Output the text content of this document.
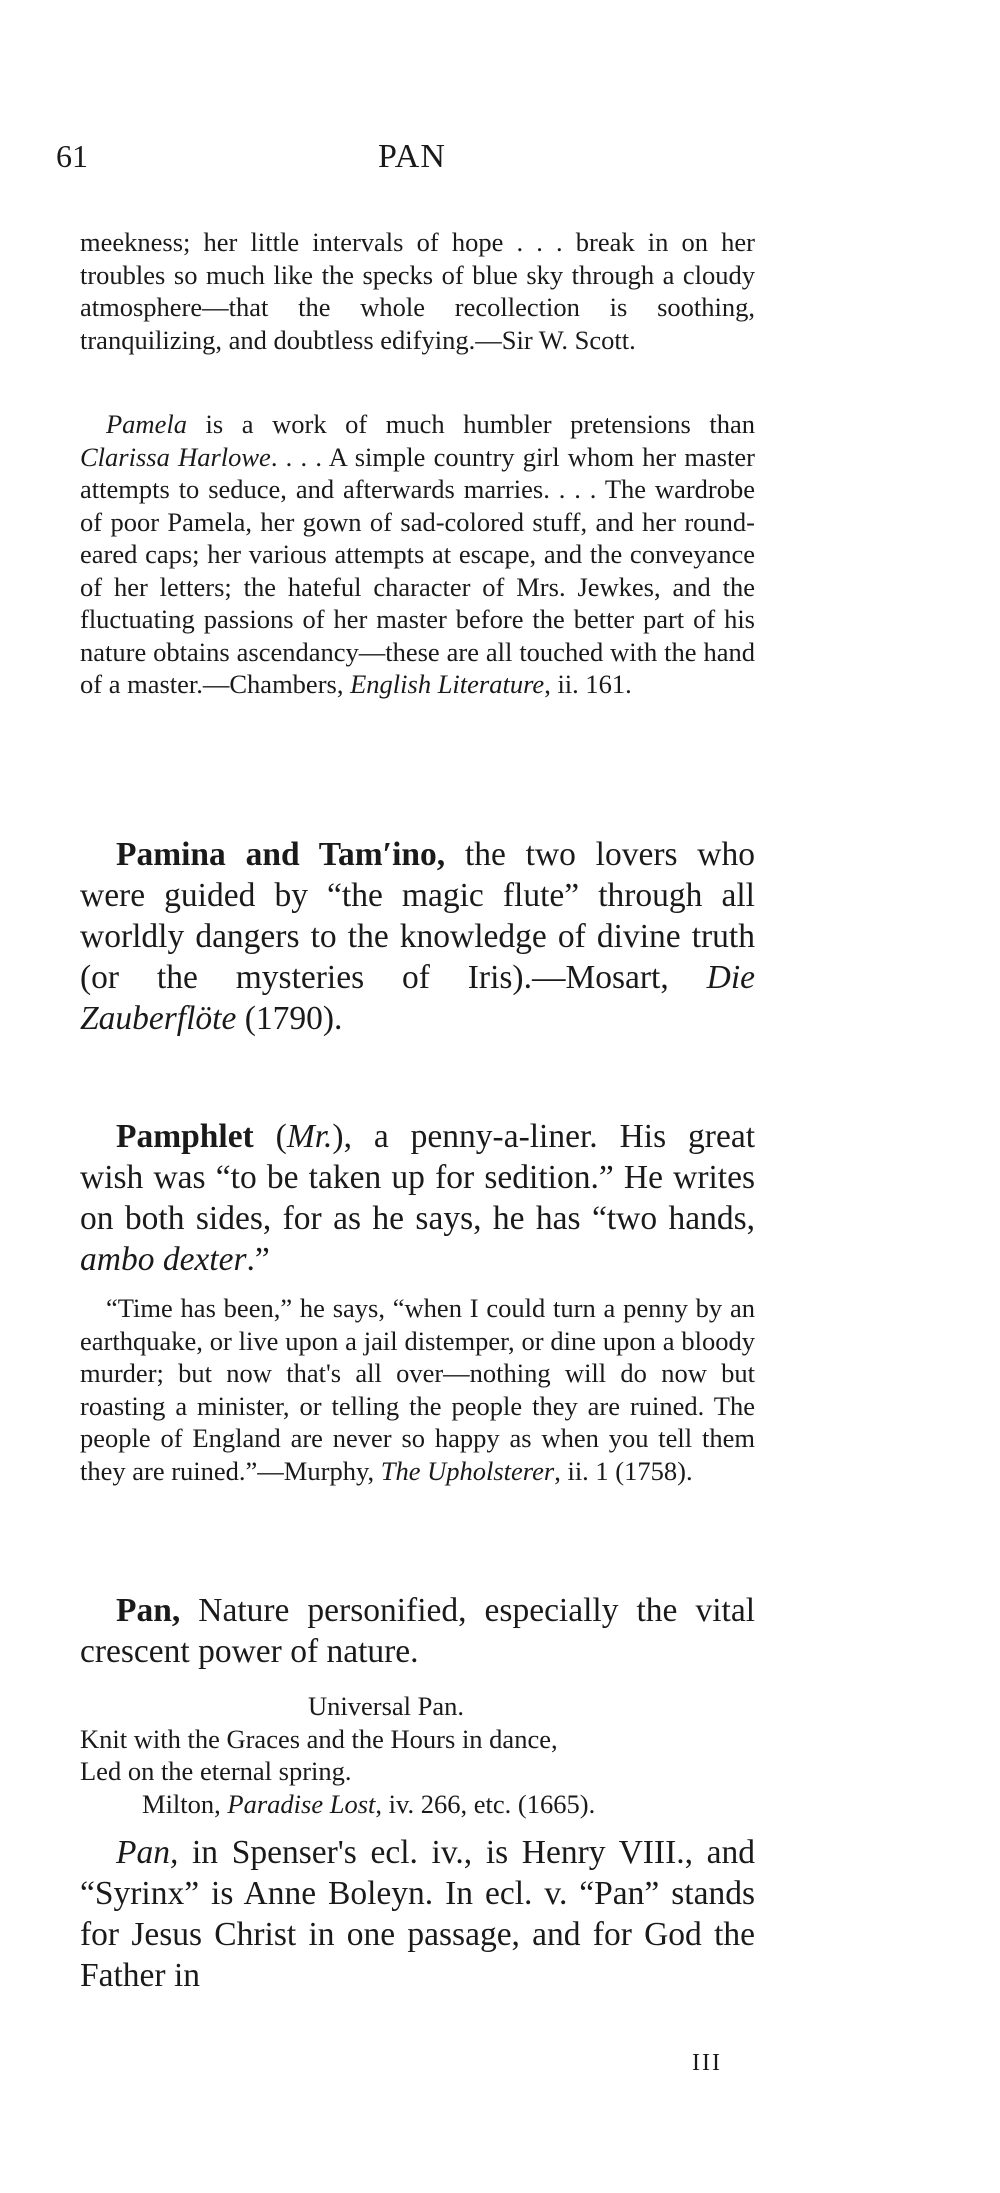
61	PAN

meekness; her little intervals of hope . . . break in on her troubles so much like the specks of blue sky through a cloudy atmosphere—that the whole recollection is soothing, tranquilizing, and doubtless edifying.—Sir W. Scott.

Pamela is a work of much humbler pretensions than Clarissa Harlowe. . . . A simple country girl whom her master attempts to seduce, and afterwards marries. . . . The wardrobe of poor Pamela, her gown of sad-colored stuff, and her round-eared caps; her various attempts at escape, and the conveyance of her letters; the hateful character of Mrs. Jewkes, and the fluctuating passions of her master before the better part of his nature obtains ascendancy—these are all touched with the hand of a master.—Chambers, English Literature, ii. 161.

Pamina and Tam′ino, the two lovers who were guided by “the magic flute” through all worldly dangers to the knowledge of divine truth (or the mysteries of Iris).—Mosart, Die Zauberflöte (1790).

Pamphlet (Mr.), a penny-a-liner. His great wish was “to be taken up for sedition.” He writes on both sides, for as he says, he has “two hands, ambo dexter.”

“Time has been,” he says, “when I could turn a penny by an earthquake, or live upon a jail distemper, or dine upon a bloody murder; but now that's all over—nothing will do now but roasting a minister, or telling the people they are ruined. The people of England are never so happy as when you tell them they are ruined.”—Murphy, The Upholsterer, ii. 1 (1758).

Pan, Nature personified, especially the vital crescent power of nature.

Universal Pan.
Knit with the Graces and the Hours in dance,
Led on the eternal spring.
Milton, Paradise Lost, iv. 266, etc. (1665).

Pan, in Spenser's ecl. iv., is Henry VIII., and “Syrinx” is Anne Boleyn. In ecl. v. “Pan” stands for Jesus Christ in one passage, and for God the Father in

III
